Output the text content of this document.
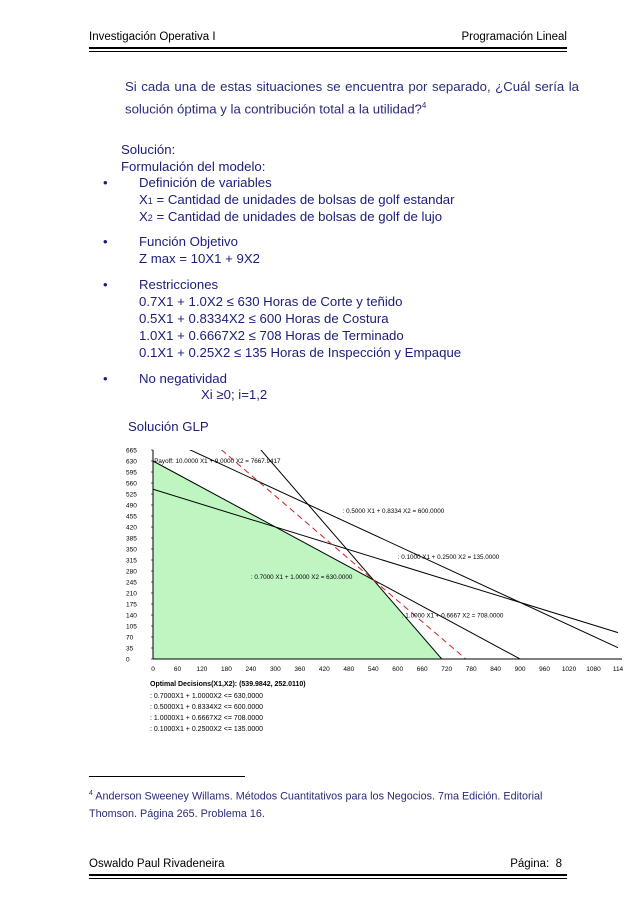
Investigación Operativa I	Programación Lineal
Si cada una de estas situaciones se encuentra por separado, ¿Cuál sería la solución óptima y la contribución total a la utilidad?$^4$
Solución:
Formulación del modelo:
• Definición de variables
X1 = Cantidad de unidades de bolsas de golf estandar
X2 = Cantidad de unidades de bolsas de golf de lujo
• Función Objetivo
Z max = 10X1 + 9X2
• Restricciones
0.7X1 + 1.0X2 ≤ 630 Horas de Corte y teñido
0.5X1 + 0.8334X2 ≤ 600 Horas de Costura
1.0X1 + 0.6667X2 ≤ 708 Horas de Terminado
0.1X1 + 0.25X2 ≤ 135 Horas de Inspección y Empaque
• No negatividad
Xi ≥0; i=1,2
Solución GLP
665
630
595
560
525
490
455
420
385
350
315
280
245
210
175
140
105
70
35
0
0	60 120 180 240 300 360 420 480 540 600 660 720 780 840 900 960 1020 1080 114
: 0.7000 X1 + 1.0000 X2 = 630.0000
: 0.5000 X1 + 0.8334 X2 = 600.0000
: 1.0000 X1 + 0.6667 X2 = 708.0000
: 0.1000 X1 + 0.2500 X2 = 135.0000
Payoff: 10.0000 X1 + 9.0000 X2 = 7667.9417
Optimal Decisions(X1,X2): (539.9842, 252.0110)
: 0.7000X1 + 1.0000X2 <= 630.0000
: 0.5000X1 + 0.8334X2 <= 600.0000
: 1.0000X1 + 0.6667X2 <= 708.0000
: 0.1000X1 + 0.2500X2 <= 135.0000
$^4$ Anderson Sweeney Willams. Métodos Cuantitativos para los Negocios. 7ma Edición. Editorial Thomson. Página 265. Problema 16.
Oswaldo Paul Rivadeneira	Página: 8
